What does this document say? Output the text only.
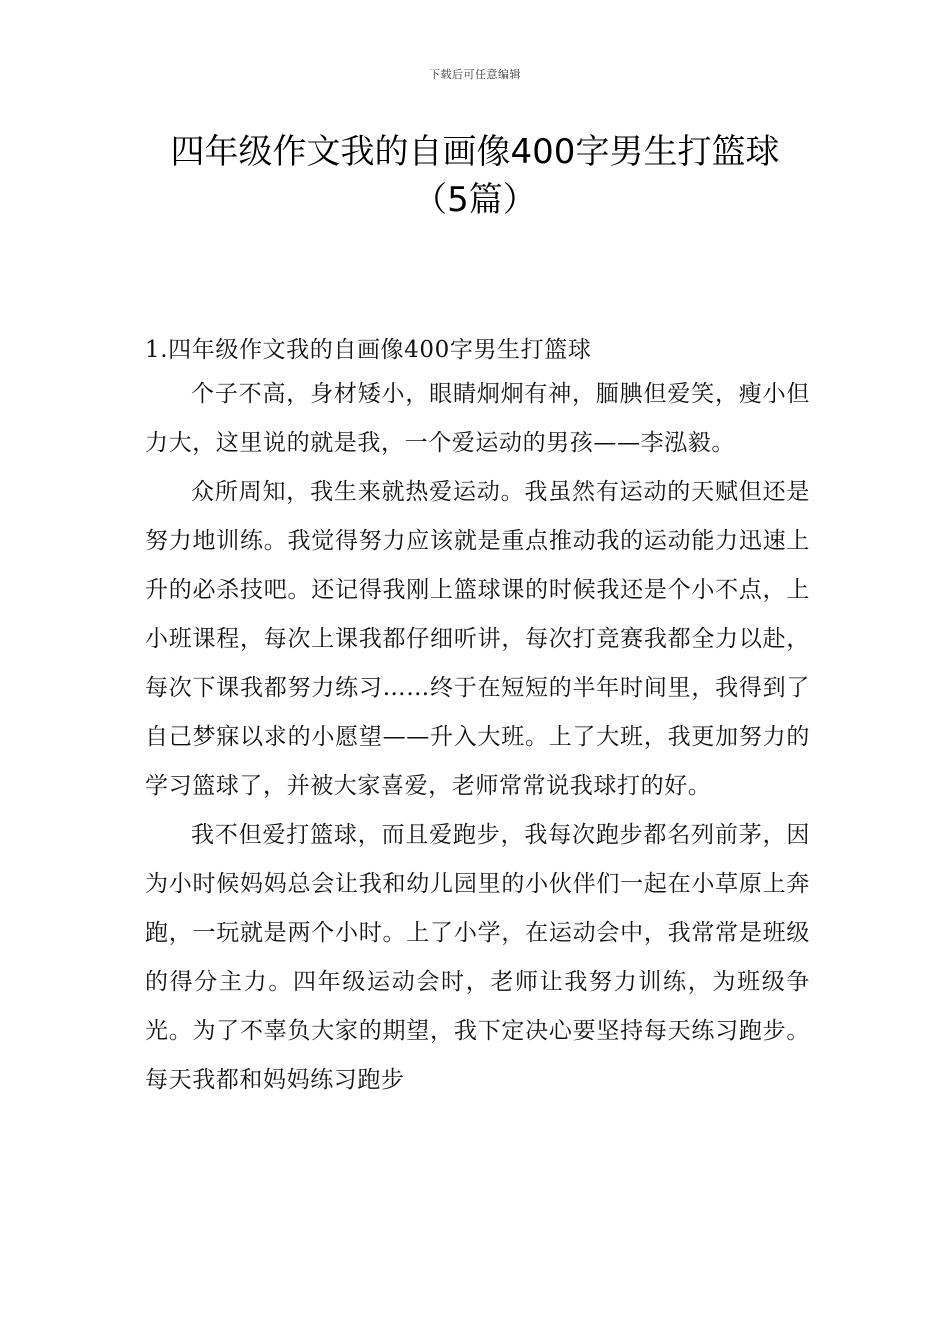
下载后可任意编辑
四年级作文我的自画像400字男生打篮球
（5篇）
1.四年级作文我的自画像400字男生打篮球

个子不高，身材矮小，眼睛炯炯有神，腼腆但爱笑，瘦小但力大，这里说的就是我，一个爱运动的男孩——李泓毅。

众所周知，我生来就热爱运动。我虽然有运动的天赋但还是努力地训练。我觉得努力应该就是重点推动我的运动能力迅速上升的必杀技吧。还记得我刚上篮球课的时候我还是个小不点，上小班课程，每次上课我都仔细听讲，每次打竞赛我都全力以赴，每次下课我都努力练习……终于在短短的半年时间里，我得到了自己梦寐以求的小愿望——升入大班。上了大班，我更加努力的学习篮球了，并被大家喜爱，老师常常说我球打的好。

我不但爱打篮球，而且爱跑步，我每次跑步都名列前茅，因为小时候妈妈总会让我和幼儿园里的小伙伴们一起在小草原上奔跑，一玩就是两个小时。上了小学，在运动会中，我常常是班级的得分主力。四年级运动会时，老师让我努力训练，为班级争光。为了不辜负大家的期望，我下定决心要坚持每天练习跑步。每天我都和妈妈练习跑步
